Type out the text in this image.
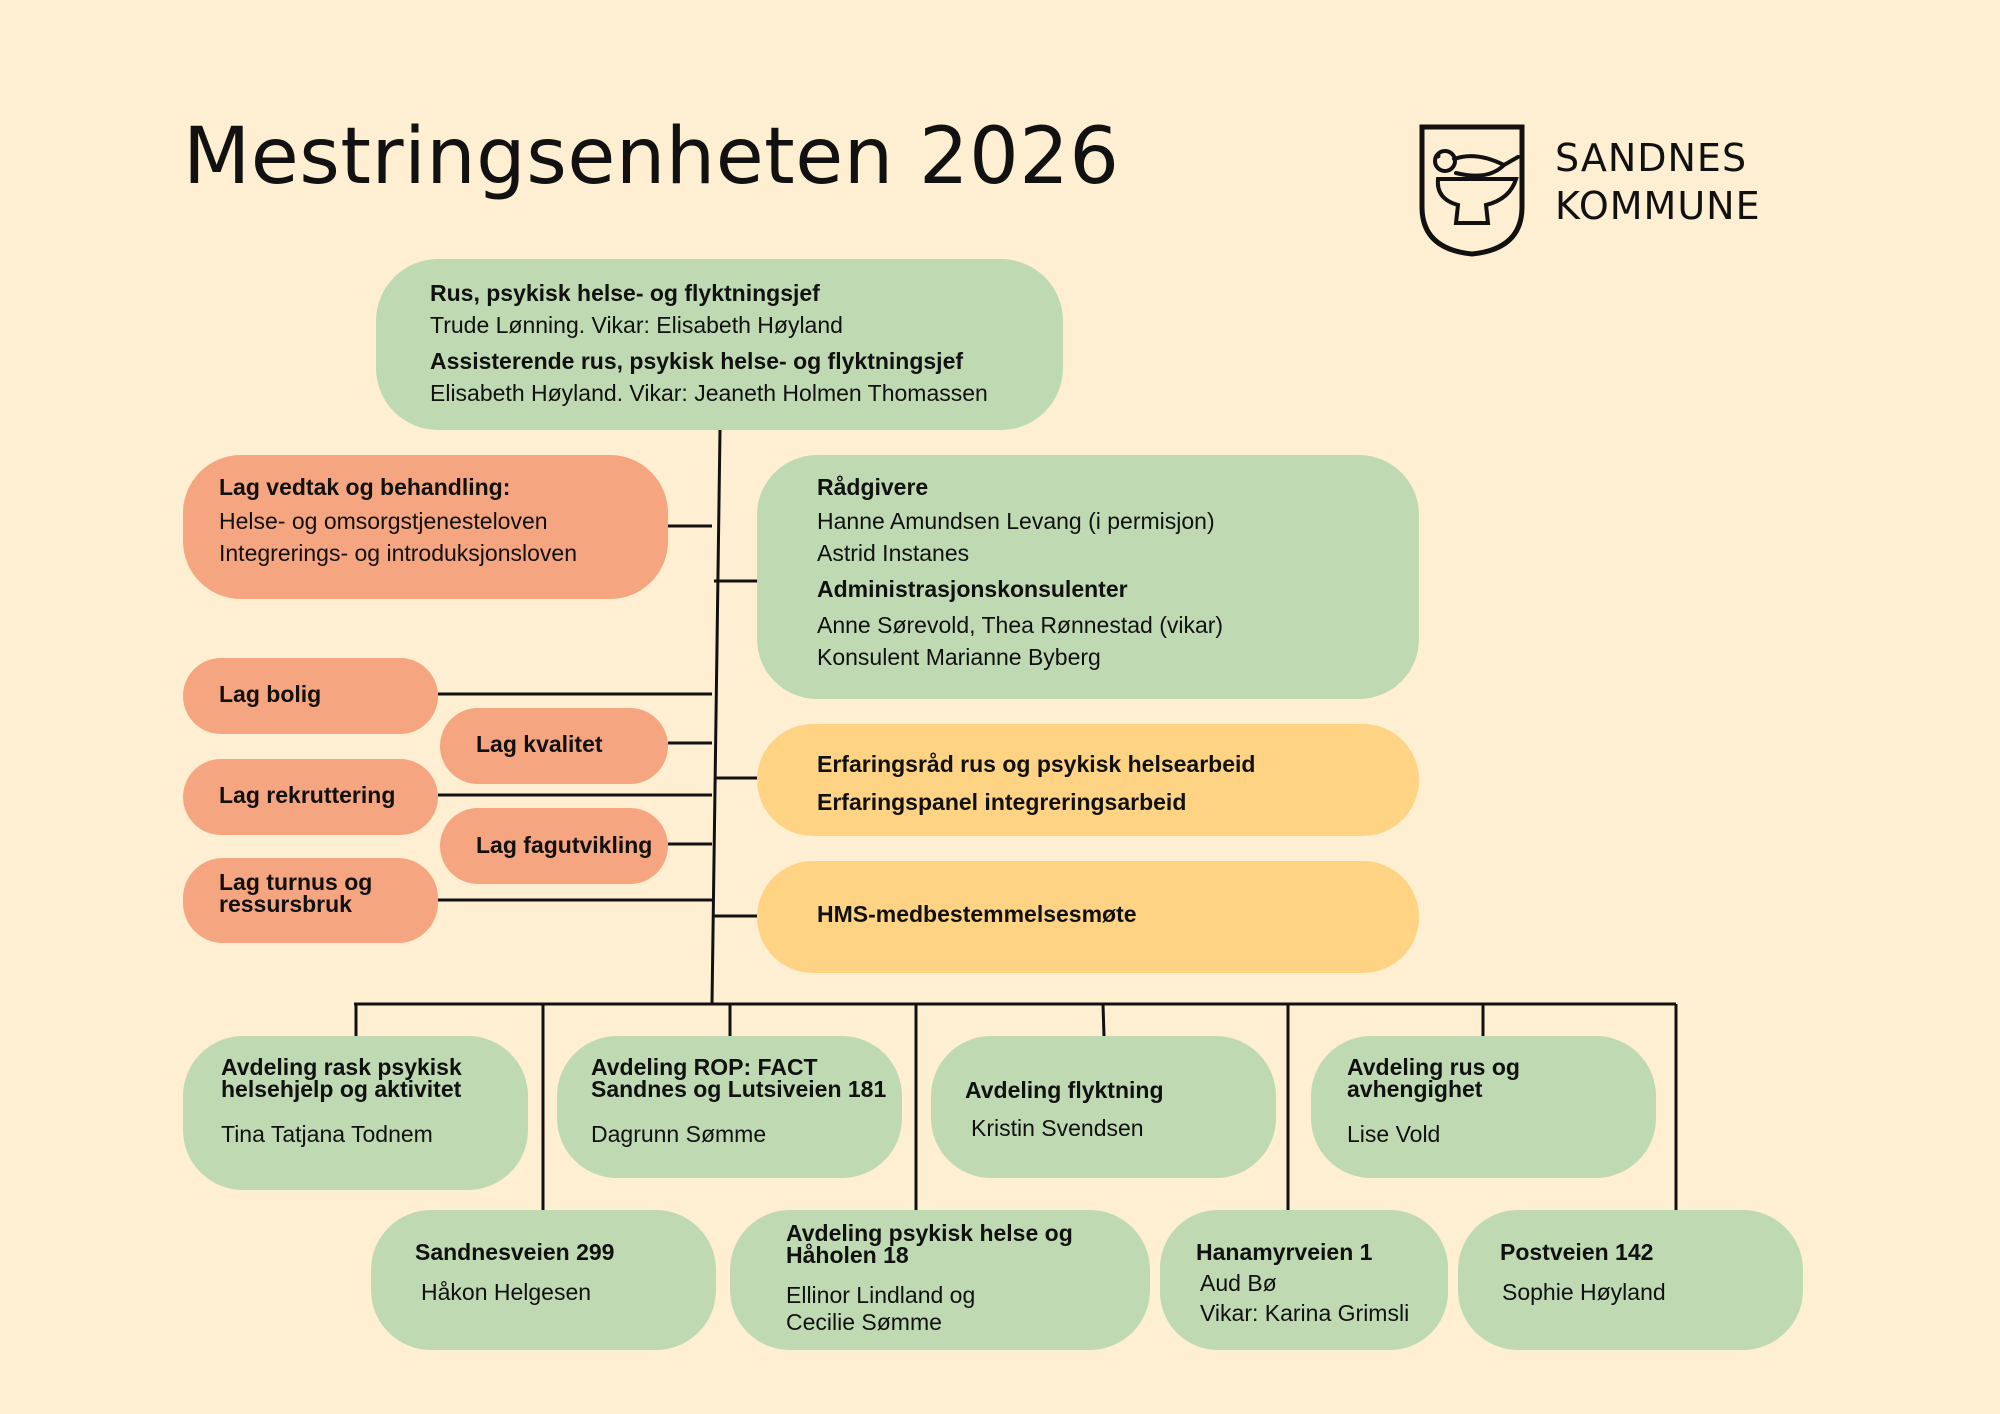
Mestringsenheten 2026	SANDNES
KOMMUNE
Rus, psykisk helse- og flyktningsjef
Trude Lønning. Vikar: Elisabeth Høyland
Assisterende rus, psykisk helse- og flyktningsjef
Elisabeth Høyland. Vikar: Jeaneth Holmen Thomassen
Lag vedtak og behandling:
Helse- og omsorgstjenesteloven
Integrerings- og introduksjonsloven
Rådgivere
Hanne Amundsen Levang (i permisjon)
Astrid Instanes
Administrasjonskonsulenter
Anne Sørevold, Thea Rønnestad (vikar)
Konsulent Marianne Byberg
Lag bolig
Lag kvalitet
Lag rekruttering
Lag fagutvikling
Lag turnus og
ressursbruk
Erfaringsråd rus og psykisk helsearbeid
Erfaringspanel integreringsarbeid
HMS-medbestemmelsesmøte
Avdeling rask psykisk
helsehjelp og aktivitet
Tina Tatjana Todnem
Avdeling ROP: FACT
Sandnes og Lutsiveien 181
Dagrunn Sømme
Avdeling flyktning
Kristin Svendsen
Avdeling rus og
avhengighet
Lise Vold
Sandnesveien 299
Håkon Helgesen
Avdeling psykisk helse og
Håholen 18
Ellinor Lindland og
Cecilie Sømme
Hanamyrveien 1
Aud Bø
Vikar: Karina Grimsli
Postveien 142
Sophie Høyland
